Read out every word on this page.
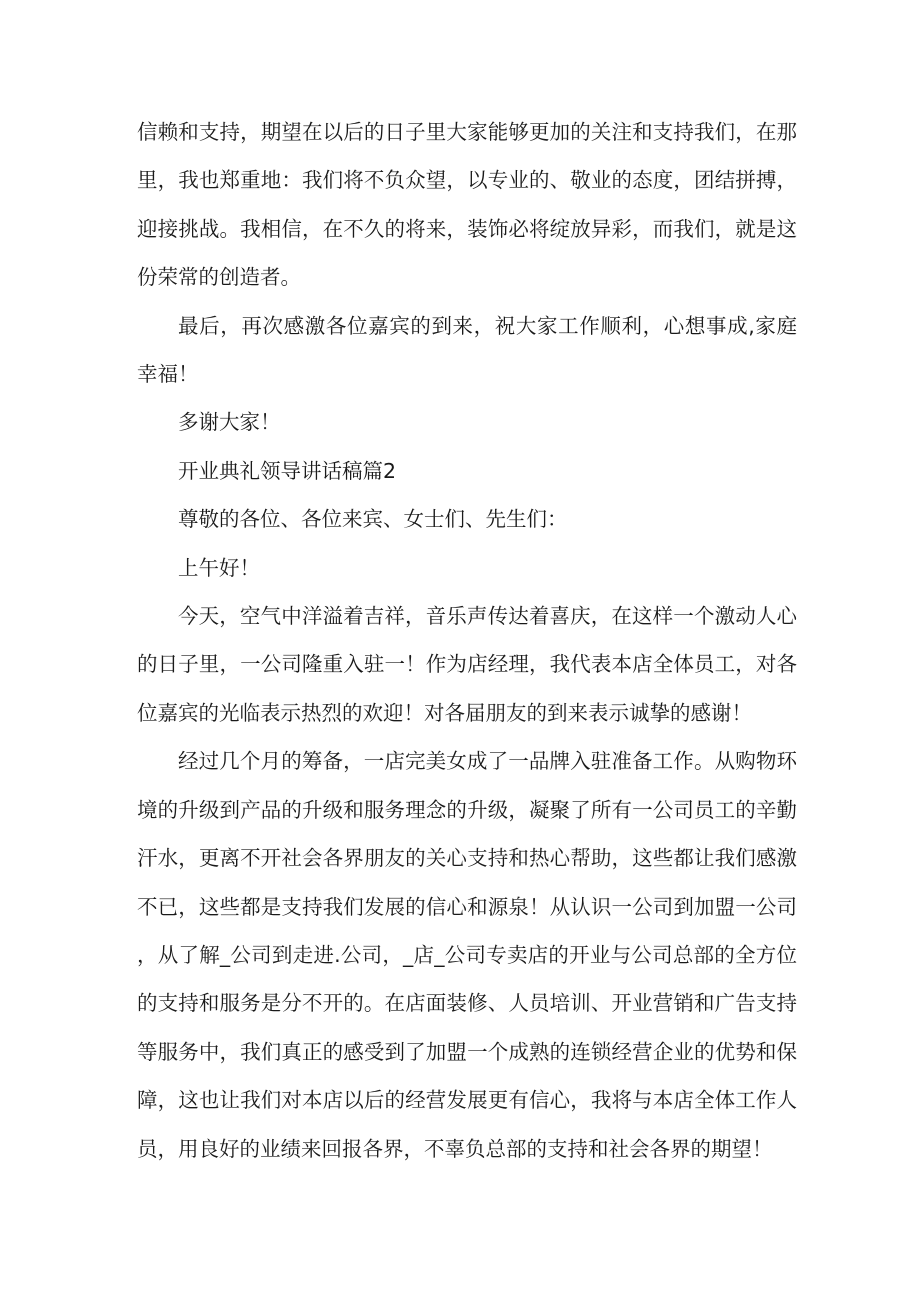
信赖和支持，期望在以后的日子里大家能够更加的关注和支持我们，在那里，我也郑重地：我们将不负众望，以专业的、敬业的态度，团结拼搏，迎接挑战。我相信，在不久的将来，装饰必将绽放异彩，而我们，就是这份荣常的创造者。

最后，再次感激各位嘉宾的到来，祝大家工作顺利，心想事成,家庭幸福！

多谢大家！

开业典礼领导讲话稿篇2

尊敬的各位、各位来宾、女士们、先生们：

上午好！

今天，空气中洋溢着吉祥，音乐声传达着喜庆，在这样一个激动人心的日子里，一公司隆重入驻一！作为店经理，我代表本店全体员工，对各位嘉宾的光临表示热烈的欢迎！对各届朋友的到来表示诚挚的感谢！

经过几个月的筹备，一店完美女成了一品牌入驻准备工作。从购物环境的升级到产品的升级和服务理念的升级，凝聚了所有一公司员工的辛勤汗水，更离不开社会各界朋友的关心支持和热心帮助，这些都让我们感激不已，这些都是支持我们发展的信心和源泉！从认识一公司到加盟一公司，从了解_公司到走进.公司，_店_公司专卖店的开业与公司总部的全方位的支持和服务是分不开的。在店面装修、人员培训、开业营销和广告支持等服务中，我们真正的感受到了加盟一个成熟的连锁经营企业的优势和保障，这也让我们对本店以后的经营发展更有信心，我将与本店全体工作人员，用良好的业绩来回报各界，不辜负总部的支持和社会各界的期望！
